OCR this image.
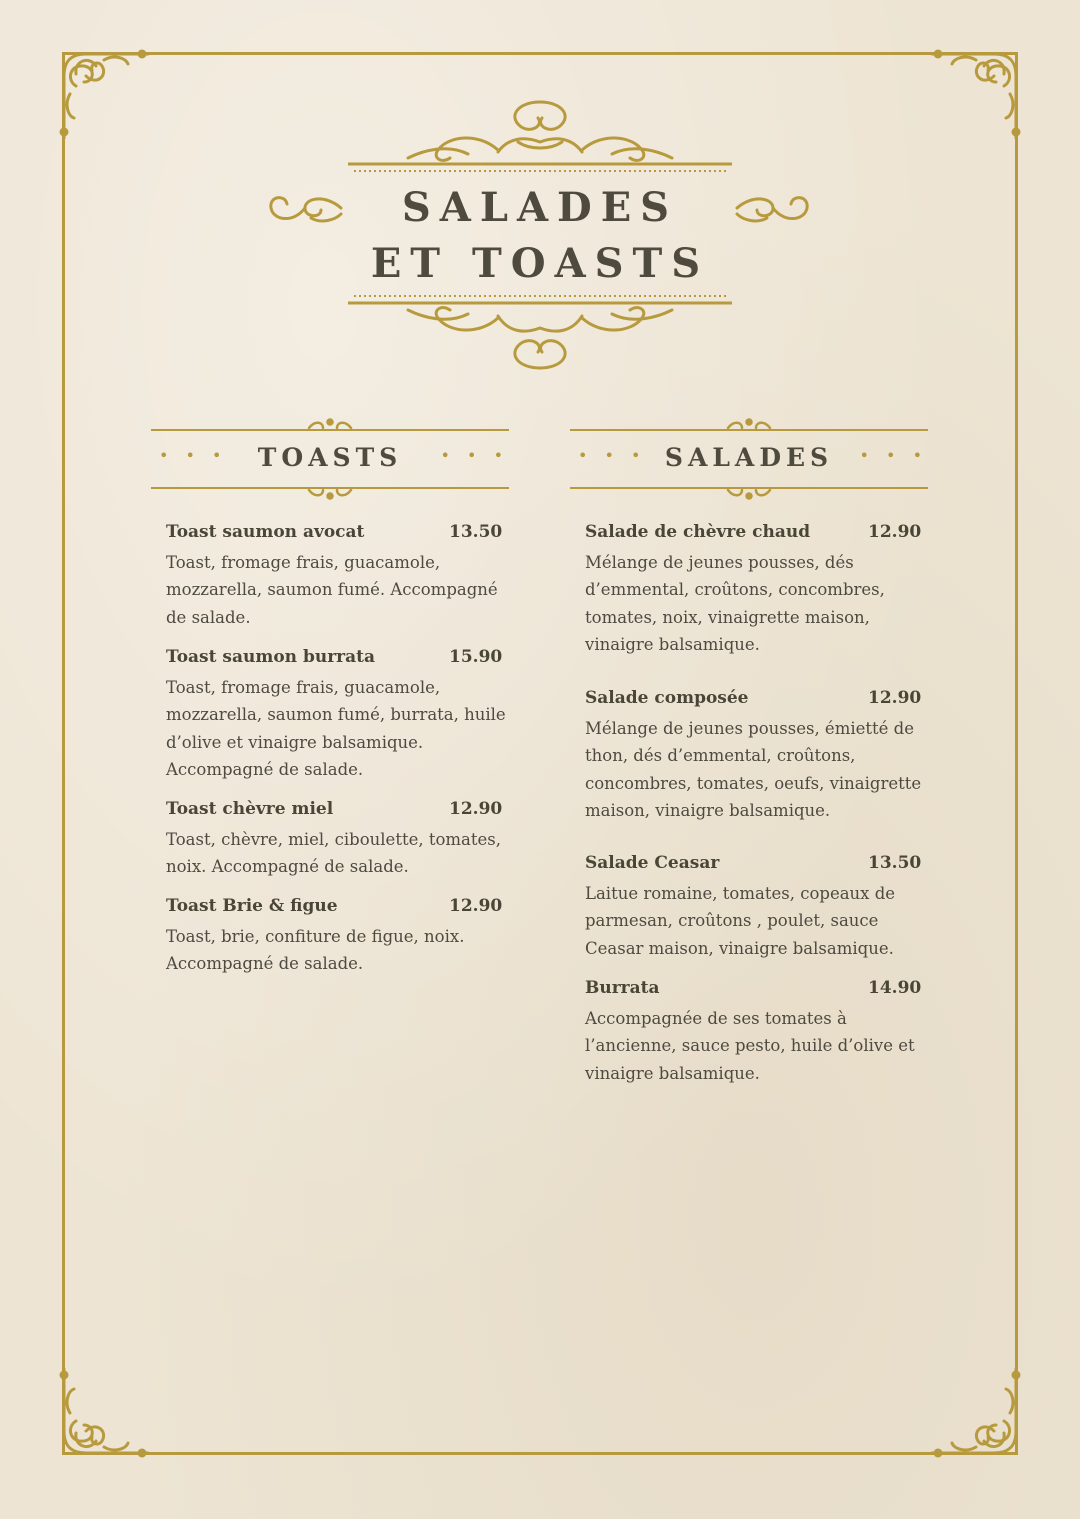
SALADES
ET TOASTS
• • •	TOASTS	• • •	• • • SALADES	• • •
Toast saumon avocat	13.50
Toast, fromage frais, guacamole, mozzarella, saumon fumé. Accompagné de salade.
Toast saumon burrata	15.90
Toast, fromage frais, guacamole, mozzarella, saumon fumé, burrata, huile d’olive et vinaigre balsamique. Accompagné de salade.
Toast chèvre miel	12.90
Toast, chèvre, miel, ciboulette, tomates, noix. Accompagné de salade.
Toast Brie & figue	12.90
Toast, brie, confiture de figue, noix. Accompagné de salade.
Salade de chèvre chaud	12.90
Mélange de jeunes pousses, dés d’emmental, croûtons, concombres, tomates, noix, vinaigrette maison, vinaigre balsamique.
Salade composée	12.90
Mélange de jeunes pousses, émietté de thon, dés d’emmental, croûtons, concombres, tomates, oeufs, vinaigrette maison, vinaigre balsamique.
Salade Ceasar	13.50
Laitue romaine, tomates, copeaux de parmesan, croûtons , poulet, sauce Ceasar maison, vinaigre balsamique.
Burrata	14.90
Accompagnée de ses tomates à l’ancienne, sauce pesto, huile d’olive et vinaigre balsamique.
